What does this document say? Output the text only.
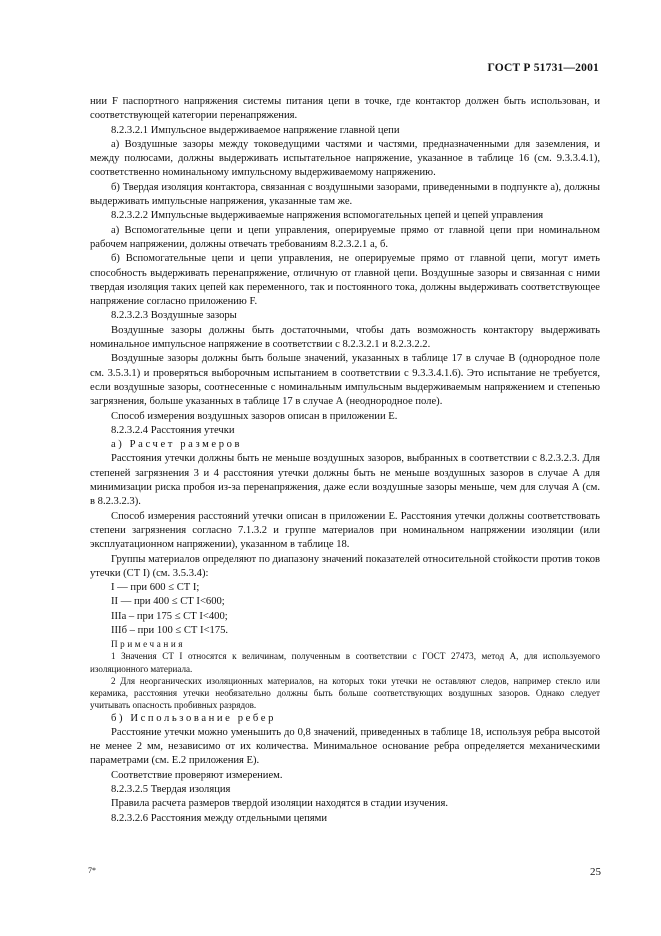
ГОСТ Р 51731—2001

нии F паспортного напряжения системы питания цепи в точке, где контактор должен быть использован, и соответствующей категории перенапряжения.

8.2.3.2.1 Импульсное выдерживаемое напряжение главной цепи

а) Воздушные зазоры между токоведущими частями и частями, предназначенными для заземления, и между полюсами, должны выдерживать испытательное напряжение, указанное в таблице 16 (см. 9.3.3.4.1), соответственно номинальному импульсному выдерживаемому напряжению.

б) Твердая изоляция контактора, связанная с воздушными зазорами, приведенными в подпункте а), должны выдерживать импульсные напряжения, указанные там же.

8.2.3.2.2 Импульсные выдерживаемые напряжения вспомогательных цепей и цепей управления

а) Вспомогательные цепи и цепи управления, оперируемые прямо от главной цепи при номинальном рабочем напряжении, должны отвечать требованиям 8.2.3.2.1 а, б.

б) Вспомогательные цепи и цепи управления, не оперируемые прямо от главной цепи, могут иметь способность выдерживать перенапряжение, отличную от главной цепи. Воздушные зазоры и связанная с ними твердая изоляция таких цепей как переменного, так и постоянного тока, должны выдерживать соответствующее напряжение согласно приложению F.

8.2.3.2.3 Воздушные зазоры

Воздушные зазоры должны быть достаточными, чтобы дать возможность контактору выдерживать номинальное импульсное напряжение в соответствии с 8.2.3.2.1 и 8.2.3.2.2.

Воздушные зазоры должны быть больше значений, указанных в таблице 17 в случае В (однородное поле см. 3.5.3.1) и проверяться выборочным испытанием в соответствии с 9.3.3.4.1.6). Это испытание не требуется, если воздушные зазоры, соотнесенные с номинальным импульсным выдерживаемым напряжением и степенью загрязнения, больше указанных в таблице 17 в случае А (неоднородное поле).

Способ измерения воздушных зазоров описан в приложении Е.

8.2.3.2.4 Расстояния утечки

а) Расчет размеров

Расстояния утечки должны быть не меньше воздушных зазоров, выбранных в соответствии с 8.2.3.2.3. Для степеней загрязнения 3 и 4 расстояния утечки должны быть не меньше воздушных зазоров в случае А для минимизации риска пробоя из-за перенапряжения, даже если воздушные зазоры меньше, чем для случая А (см. в 8.2.3.2.3).

Способ измерения расстояний утечки описан в приложении Е. Расстояния утечки должны соответствовать степени загрязнения согласно 7.1.3.2 и группе материалов при номинальном напряжении изоляции (или эксплуатационном напряжении), указанном в таблице 18.

Группы материалов определяют по диапазону значений показателей относительной стойкости против токов утечки (СТ I) (см. 3.5.3.4):

I — при 600 ≤ СТ I;

II — при 400 ≤ СТ I<600;

IIIа – при 175 ≤ СТ I<400;

IIIб – при 100 ≤ СТ I<175.

Примечания

1 Значения СТ I относятся к величинам, полученным в соответствии с ГОСТ 27473, метод А, для используемого изоляционного материала.

2 Для неорганических изоляционных материалов, на которых токи утечки не оставляют следов, например стекло или керамика, расстояния утечки необязательно должны быть больше соответствующих воздушных зазоров. Однако следует учитывать опасность пробивных разрядов.

б) Использование ребер

Расстояние утечки можно уменьшить до 0,8 значений, приведенных в таблице 18, используя ребра высотой не менее 2 мм, независимо от их количества. Минимальное основание ребра определяется механическими параметрами (см. Е.2 приложения Е).

Соответствие проверяют измерением.

8.2.3.2.5 Твердая изоляция

Правила расчета размеров твердой изоляции находятся в стадии изучения.

8.2.3.2.6 Расстояния между отдельными цепями

7*	25
